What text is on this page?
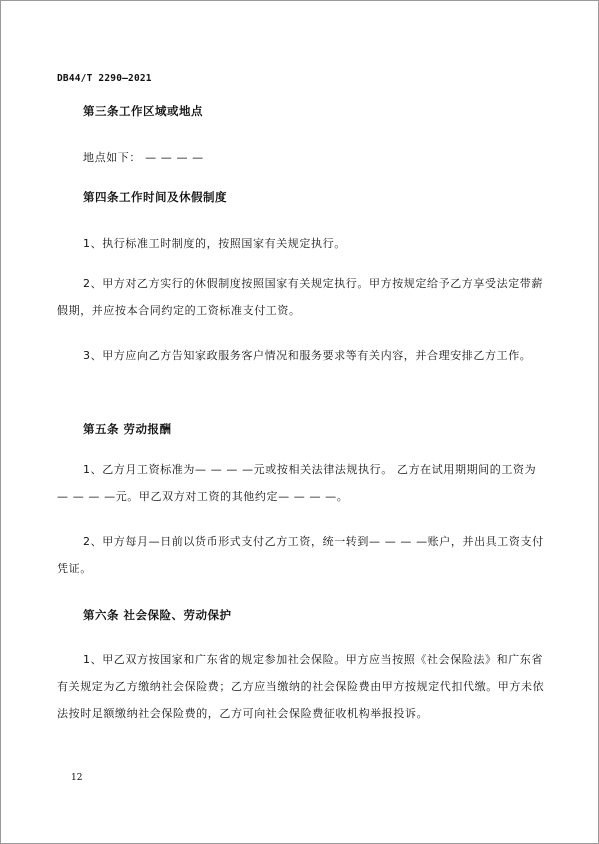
DB44/T 2290—2021
第三条工作区域或地点
地点如下： — — — —
第四条工作时间及休假制度
1、执行标准工时制度的，按照国家有关规定执行。
2、甲方对乙方实行的休假制度按照国家有关规定执行。甲方按规定给予乙方享受法定带薪假期，并应按本合同约定的工资标准支付工资。
3、甲方应向乙方告知家政服务客户情况和服务要求等有关内容，并合理安排乙方工作。
第五条 劳动报酬
1、乙方月工资标准为— — — —元或按相关法律法规执行。 乙方在试用期期间的工资为— — — —元。甲乙双方对工资的其他约定— — — —。
2、甲方每月—日前以货币形式支付乙方工资，统一转到— — — —账户，并出具工资支付凭证。
第六条 社会保险、劳动保护
1、甲乙双方按国家和广东省的规定参加社会保险。甲方应当按照《社会保险法》和广东省有关规定为乙方缴纳社会保险费；乙方应当缴纳的社会保险费由甲方按规定代扣代缴。甲方未依法按时足额缴纳社会保险费的，乙方可向社会保险费征收机构举报投诉。
12
